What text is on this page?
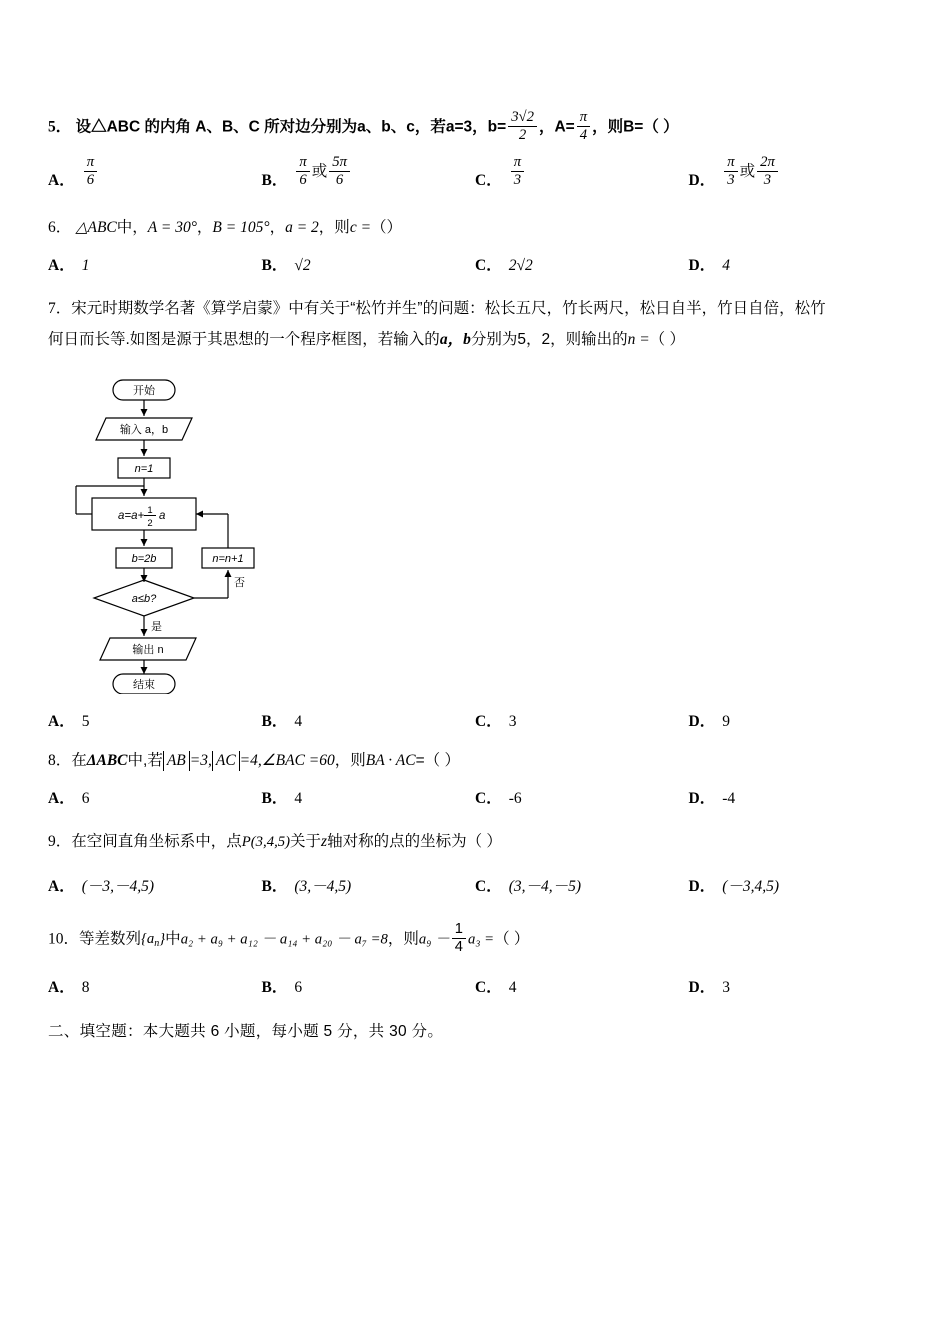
5． 设△ABC 的内角 A、B、C 所对边分别为a、b、c，若a=3，$b= \frac{3√2}{2}$ ，$A= \frac{\pi}{4}$ ，则B=（ ）
A． $\frac{\pi}{6}$	B． $\frac{\pi}{6}$ 或 $\frac{5\pi}{6}$	C． $\frac{\pi}{3}$	D． $\frac{\pi}{3}$ 或 $\frac{2\pi}{3}$
6． △ABC中，A = 30°，B = 105°，a = 2，则c =（）
A． 1	B． √2	C． 2√2	D． 4
7．宋元时期数学名著《算学启蒙》中有关于“松竹并生”的问题：松长五尺，竹长两尺，松日自半，竹日自倍，松竹
何日而长等.如图是源于其思想的一个程序框图，若输入的a，b分别为5，2，则输出的n =（ ）
开始
输入 a，b
n=1
a=a+ 1
2
a
b=2b
a≤b?
n=n+1
否
是
输出 n
结束
A． 5	B． 4	C． 3	D． 9
8．在ΔABC中,若 AB =3, AC =4,∠BAC =60，则BA · AC=（ ）
A． 6	B． 4	C． -6	D． -4
9．在空间直角坐标系中，点P(3,4,5)关于z轴对称的点的坐标为（ ）
A． (－3,－4,5)	B． (3,－4,5)	C． (3,－4,－5)	D． (－3,4,5)
10．等差数列$\{a_n\}$中a₂ + a₉ + a₁₂ － a₁₄ + a₂₀ － a₇ =8，则$a_9 - \frac{1}{4} a_3$ =（ ）
A． 8	B． 6	C． 4	D． 3
二、填空题：本大题共 6 小题，每小题 5 分，共 30 分。
